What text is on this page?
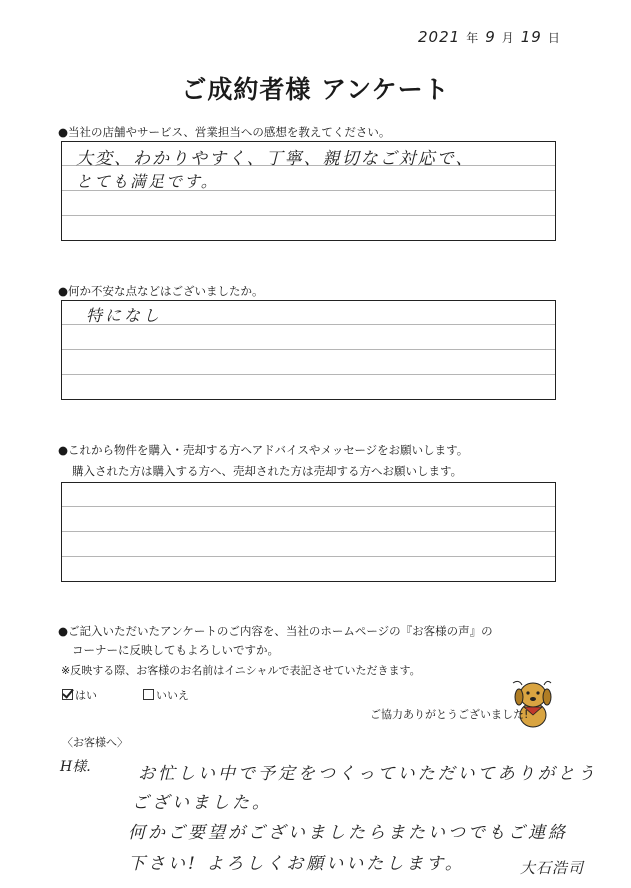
2021 年 9 月 19 日
ご成約者様 アンケート
●当社の店舗やサービス、営業担当への感想を教えてください。
大変、わかりやすく、丁寧、親切なご対応で、
とても満足です。
●何か不安な点などはございましたか。
特になし
●これから物件を購入・売却する方へアドバイスやメッセージをお願いします。
購入された方は購入する方へ、売却された方は売却する方へお願いします。
●ご記入いただいたアンケートのご内容を、当社のホームページの『お客様の声』の
コーナーに反映してもよろしいですか。
※反映する際、お客様のお名前はイニシャルで表記させていただきます。
はい	いいえ
ご協力ありがとうございました!
〈お客様へ〉
H様.	お忙しい中で予定をつくっていただいてありがとう
ございました。
何かご要望がございましたらまたいつでもご連絡
下さい! よろしくお願いいたします。	大石浩司
